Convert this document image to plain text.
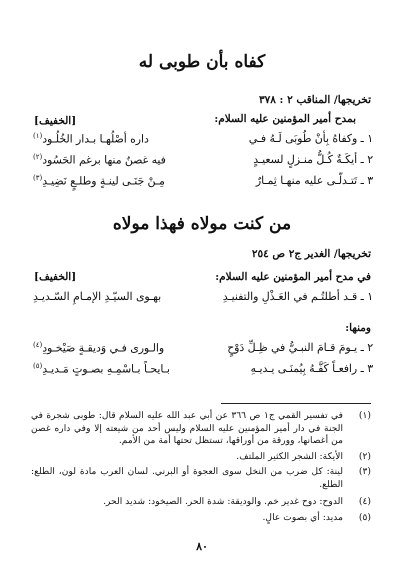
كفاه بأن طوبى له
تخريجها/ المناقب ٢ : ٣٧٨
بمدح أمير المؤمنين عليه السلام:
[الخفيف]
١ ـ وكفاهُ بِأنْ طُوبَى لَـهُ فـي
داره أصْلُهـا بـدار الخُلُـود$^{(١)}$
٢ ـ أيكَـةٌ كُـلُّ منـزلٍ لسعيـدٍ
فيه غصنٌ منها برغم الحَسُود$^{(٢)}$
٣ ـ تَتـدلّـى عليه منهـا ثِمـارٌ
مِـنْ جَنَـى لينـةٍ وطلـعٍ نَضِيـدِ$^{(٣)}$
من كنت مولاه فهذا مولاه
تخريجها/ الغدير ج٢ ص ٢٥٤
في مدح أمير المؤمنين عليه السلام:
[الخفيف]
١ ـ قـد أطلتُـم في العَـذْلِ والتفنيـدِ
بهـوى السيّـدِ الإمـامِ السّـديـدِ
ومنها:
٢ ـ يـومَ قـامَ النبـيُّ في ظِـلِّ دَوْحٍ
والـورى فـي وَديقـةٍ صَيْخـودِ$^{(٤)}$
٣ ـ رافعـاً كَفَّـهُ بِيُمنَـى يـديـهِ
بـايحـاً بـاسْمِـهِ بصـوتٍ مَـديـدِ$^{(٥)}$
(١)
في تفسير القمي ج١ ص ٣٦٦ عن أبي عبد الله عليه السلام قال: طوبى شجرة في الجنة في دار أمير المؤمنين عليه السلام وليس أحد من شيعته إلا وفي داره غصن من أغصانها، وورقة من أوراقها، تستظل تحتها أمة من الأمم.
(٢)
الأيكة: الشجر الكثير الملتف.
(٣)
لينة: كل ضرب من النخل سوى العجوة أو البرني. لسان العرب مادة لون، الطلع: الطلع.
(٤)
الدوح: دوح غدير خم. والوديقة: شدة الحر. الصيخود: شديد الحر.
(٥)
مديد: أي بصوت عالٍ.
٨٠
